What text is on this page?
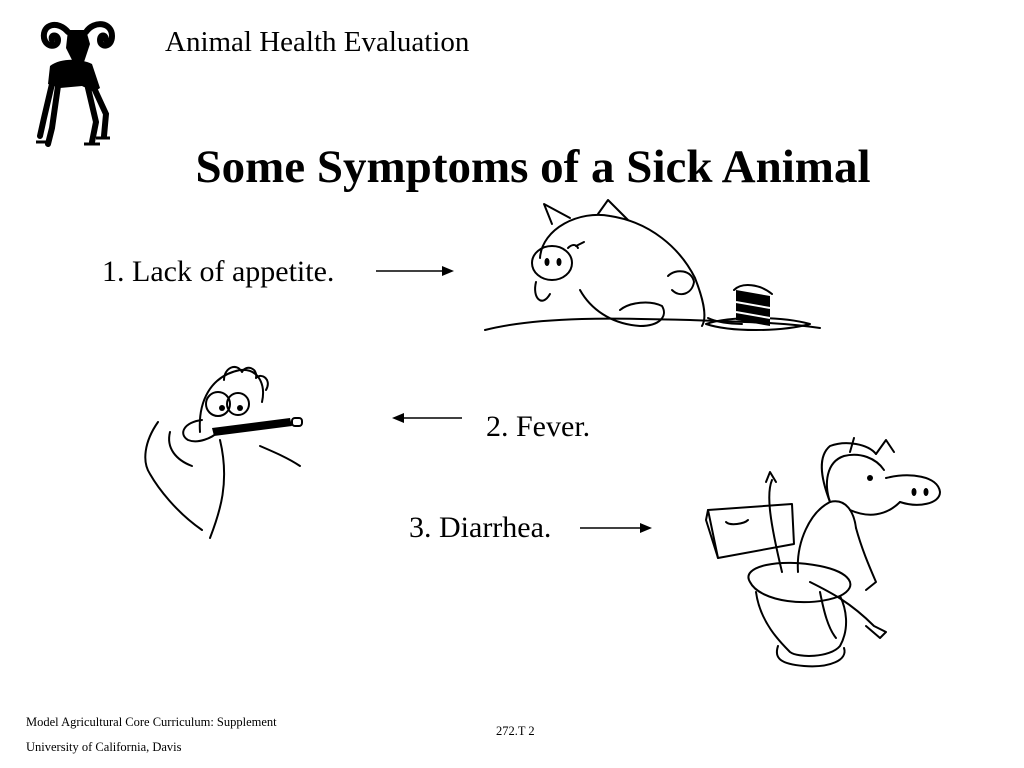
Animal Health Evaluation
Some Symptoms of a Sick Animal
1. Lack of appetite.
2. Fever.
3. Diarrhea.
Model Agricultural Core Curriculum: Supplement
University of California, Davis
272.T 2
